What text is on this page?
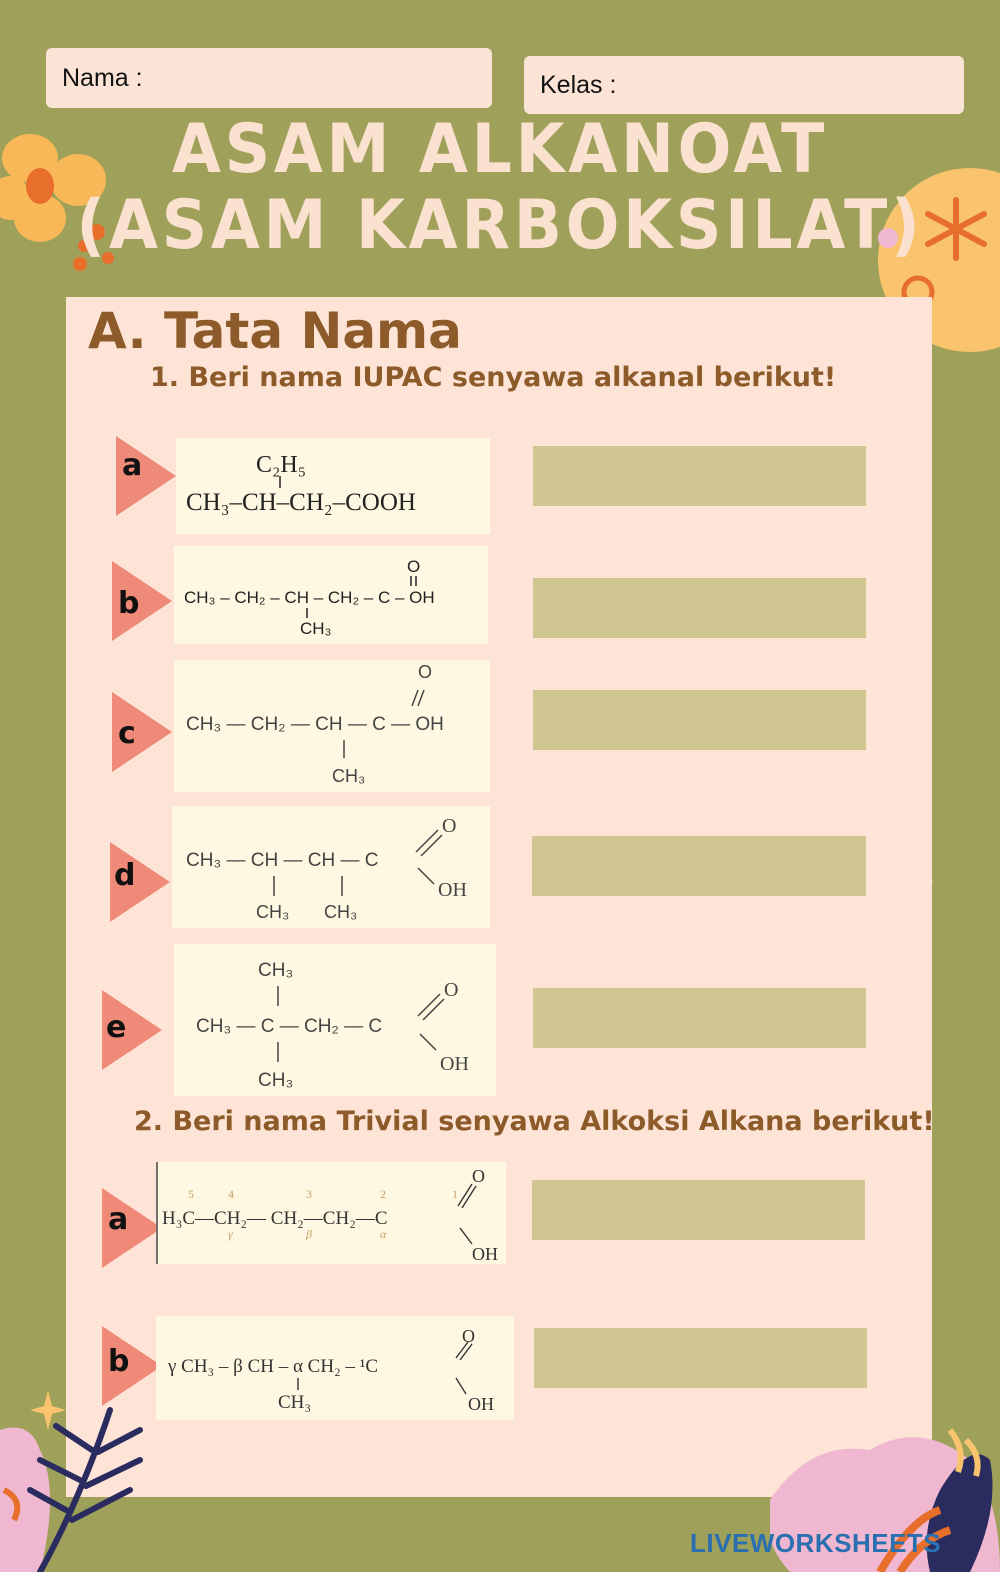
Nama :	Kelas :
ASAM ALKANOAT
(ASAM KARBOKSILAT)
A. Tata Nama
1. Beri nama IUPAC senyawa alkanal berikut!
a	C₂H₅
CH₃–CH–CH₂–COOH
b
O
CH₃ – CH₂ – CH – CH₂ – C – OH
CH₃
c
O
CH₃ — CH₂ — CH — C — OH
CH₃
d
O
CH₃ — CH — CH — C
OH
CH₃ CH₃
e
CH₃
O
CH₃ — C — CH₂ — C
OH
CH₃
2. Beri nama Trivial senyawa Alkoksi Alkana berikut!
a
5	4	3	2	1
γ	β	α
O
H₃C—CH₂— CH₂—CH₂—C
OH
b
O
γ CH₃ – β CH – α CH₂ – ¹C
CH₃	OH
LIVEWORKSHEETS
